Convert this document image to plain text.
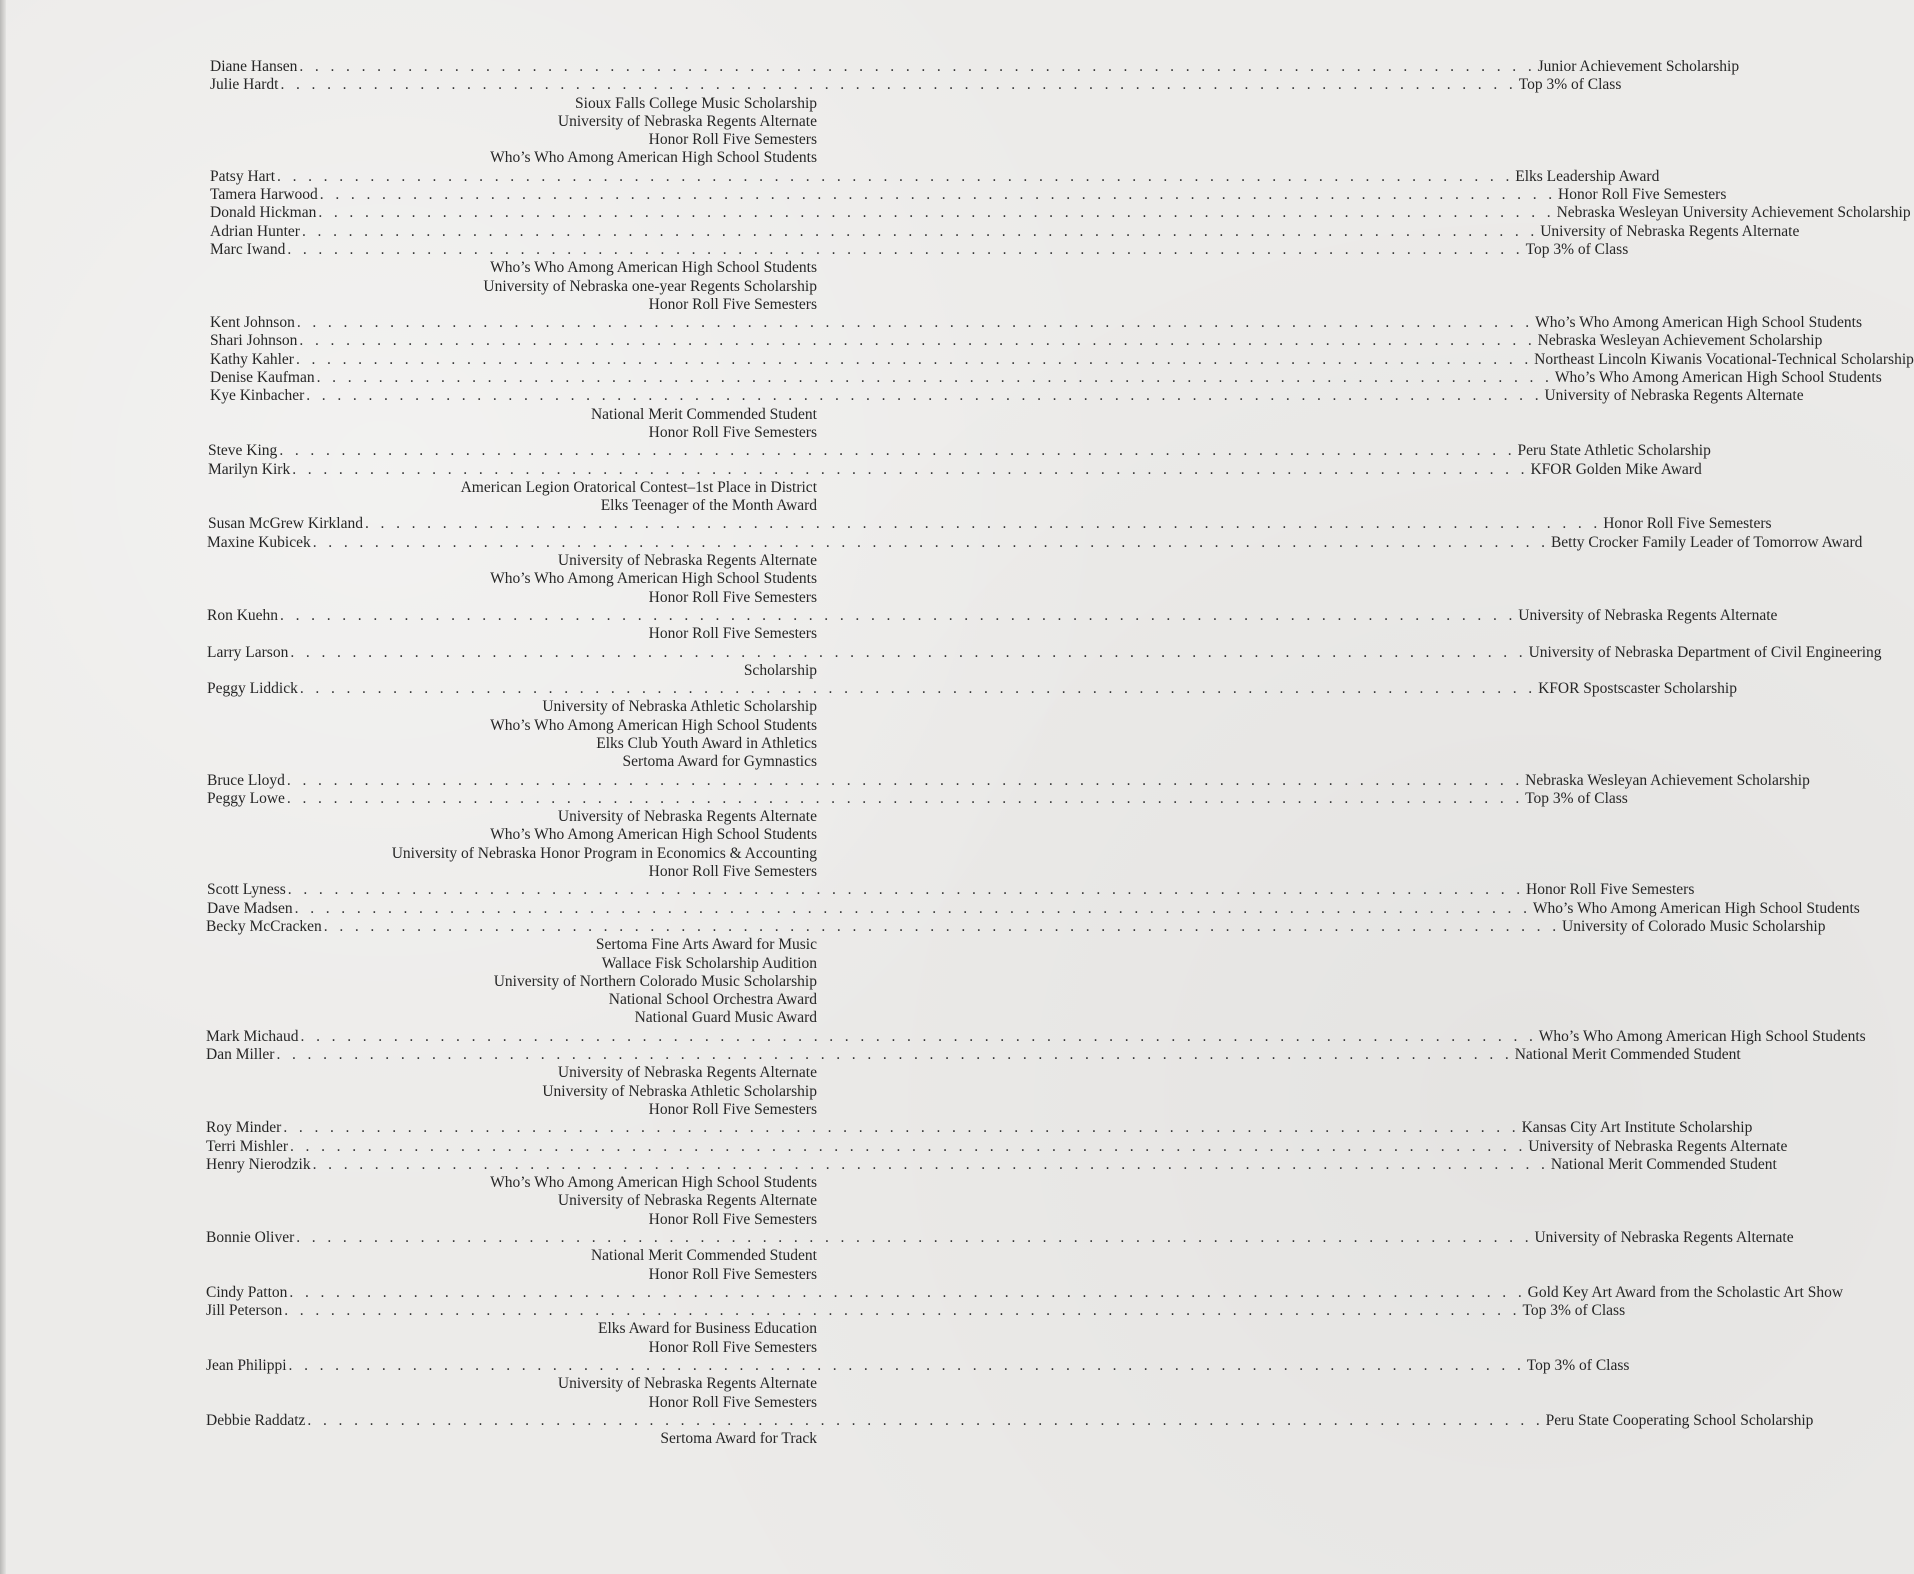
Diane Hansen . . . . . . . . . . . . . . . . . . . . . . . . . . . . . . . . . . . . . . . . . . . . . . . . . . . . . . . . . . . . . . . . . . . . . . . . . . . . . . . . Junior Achievement Scholarship
Julie Hardt . . . . . . . . . . . . . . . . . . . . . . . . . . . . . . . . . . . . . . . . . . . . . . . . . . . . . . . . . . . . . . . . . . . . . . . . . . . . . . . . Top 3% of Class
Sioux Falls College Music Scholarship
University of Nebraska Regents Alternate
Honor Roll Five Semesters
Who’s Who Among American High School Students
Patsy Hart . . . . . . . . . . . . . . . . . . . . . . . . . . . . . . . . . . . . . . . . . . . . . . . . . . . . . . . . . . . . . . . . . . . . . . . . . . . . . . . . Elks Leadership Award
Tamera Harwood . . . . . . . . . . . . . . . . . . . . . . . . . . . . . . . . . . . . . . . . . . . . . . . . . . . . . . . . . . . . . . . . . . . . . . . . . . . . . . . . Honor Roll Five Semesters
Donald Hickman . . . . . . . . . . . . . . . . . . . . . . . . . . . . . . . . . . . . . . . . . . . . . . . . . . . . . . . . . . . . . . . . . . . . . . . . . . . . . . . . Nebraska Wesleyan University Achievement Scholarship
Adrian Hunter . . . . . . . . . . . . . . . . . . . . . . . . . . . . . . . . . . . . . . . . . . . . . . . . . . . . . . . . . . . . . . . . . . . . . . . . . . . . . . . . University of Nebraska Regents Alternate
Marc Iwand . . . . . . . . . . . . . . . . . . . . . . . . . . . . . . . . . . . . . . . . . . . . . . . . . . . . . . . . . . . . . . . . . . . . . . . . . . . . . . . . Top 3% of Class
Who’s Who Among American High School Students
University of Nebraska one-year Regents Scholarship
Honor Roll Five Semesters
Kent Johnson . . . . . . . . . . . . . . . . . . . . . . . . . . . . . . . . . . . . . . . . . . . . . . . . . . . . . . . . . . . . . . . . . . . . . . . . . . . . . . . . Who’s Who Among American High School Students
Shari Johnson . . . . . . . . . . . . . . . . . . . . . . . . . . . . . . . . . . . . . . . . . . . . . . . . . . . . . . . . . . . . . . . . . . . . . . . . . . . . . . . . Nebraska Wesleyan Achievement Scholarship
Kathy Kahler . . . . . . . . . . . . . . . . . . . . . . . . . . . . . . . . . . . . . . . . . . . . . . . . . . . . . . . . . . . . . . . . . . . . . . . . . . . . . . . . Northeast Lincoln Kiwanis Vocational-Technical Scholarship
Denise Kaufman . . . . . . . . . . . . . . . . . . . . . . . . . . . . . . . . . . . . . . . . . . . . . . . . . . . . . . . . . . . . . . . . . . . . . . . . . . . . . . . . Who’s Who Among American High School Students
Kye Kinbacher . . . . . . . . . . . . . . . . . . . . . . . . . . . . . . . . . . . . . . . . . . . . . . . . . . . . . . . . . . . . . . . . . . . . . . . . . . . . . . . . University of Nebraska Regents Alternate
National Merit Commended Student
Honor Roll Five Semesters
Steve King . . . . . . . . . . . . . . . . . . . . . . . . . . . . . . . . . . . . . . . . . . . . . . . . . . . . . . . . . . . . . . . . . . . . . . . . . . . . . . . . Peru State Athletic Scholarship
Marilyn Kirk . . . . . . . . . . . . . . . . . . . . . . . . . . . . . . . . . . . . . . . . . . . . . . . . . . . . . . . . . . . . . . . . . . . . . . . . . . . . . . . . KFOR Golden Mike Award
American Legion Oratorical Contest–1st Place in District
Elks Teenager of the Month Award
Susan McGrew Kirkland . . . . . . . . . . . . . . . . . . . . . . . . . . . . . . . . . . . . . . . . . . . . . . . . . . . . . . . . . . . . . . . . . . . . . . . . . . . . . . . . Honor Roll Five Semesters
Maxine Kubicek . . . . . . . . . . . . . . . . . . . . . . . . . . . . . . . . . . . . . . . . . . . . . . . . . . . . . . . . . . . . . . . . . . . . . . . . . . . . . . . . Betty Crocker Family Leader of Tomorrow Award
University of Nebraska Regents Alternate
Who’s Who Among American High School Students
Honor Roll Five Semesters
Ron Kuehn . . . . . . . . . . . . . . . . . . . . . . . . . . . . . . . . . . . . . . . . . . . . . . . . . . . . . . . . . . . . . . . . . . . . . . . . . . . . . . . . University of Nebraska Regents Alternate
Honor Roll Five Semesters
Larry Larson . . . . . . . . . . . . . . . . . . . . . . . . . . . . . . . . . . . . . . . . . . . . . . . . . . . . . . . . . . . . . . . . . . . . . . . . . . . . . . . . University of Nebraska Department of Civil Engineering
Scholarship
Peggy Liddick . . . . . . . . . . . . . . . . . . . . . . . . . . . . . . . . . . . . . . . . . . . . . . . . . . . . . . . . . . . . . . . . . . . . . . . . . . . . . . . . KFOR Spostscaster Scholarship
University of Nebraska Athletic Scholarship
Who’s Who Among American High School Students
Elks Club Youth Award in Athletics
Sertoma Award for Gymnastics
Bruce Lloyd . . . . . . . . . . . . . . . . . . . . . . . . . . . . . . . . . . . . . . . . . . . . . . . . . . . . . . . . . . . . . . . . . . . . . . . . . . . . . . . . Nebraska Wesleyan Achievement Scholarship
Peggy Lowe . . . . . . . . . . . . . . . . . . . . . . . . . . . . . . . . . . . . . . . . . . . . . . . . . . . . . . . . . . . . . . . . . . . . . . . . . . . . . . . . Top 3% of Class
University of Nebraska Regents Alternate
Who’s Who Among American High School Students
University of Nebraska Honor Program in Economics & Accounting
Honor Roll Five Semesters
Scott Lyness . . . . . . . . . . . . . . . . . . . . . . . . . . . . . . . . . . . . . . . . . . . . . . . . . . . . . . . . . . . . . . . . . . . . . . . . . . . . . . . . Honor Roll Five Semesters
Dave Madsen . . . . . . . . . . . . . . . . . . . . . . . . . . . . . . . . . . . . . . . . . . . . . . . . . . . . . . . . . . . . . . . . . . . . . . . . . . . . . . . . Who’s Who Among American High School Students
Becky McCracken . . . . . . . . . . . . . . . . . . . . . . . . . . . . . . . . . . . . . . . . . . . . . . . . . . . . . . . . . . . . . . . . . . . . . . . . . . . . . . . . University of Colorado Music Scholarship
Sertoma Fine Arts Award for Music
Wallace Fisk Scholarship Audition
University of Northern Colorado Music Scholarship
National School Orchestra Award
National Guard Music Award
Mark Michaud . . . . . . . . . . . . . . . . . . . . . . . . . . . . . . . . . . . . . . . . . . . . . . . . . . . . . . . . . . . . . . . . . . . . . . . . . . . . . . . . Who’s Who Among American High School Students
Dan Miller . . . . . . . . . . . . . . . . . . . . . . . . . . . . . . . . . . . . . . . . . . . . . . . . . . . . . . . . . . . . . . . . . . . . . . . . . . . . . . . . National Merit Commended Student
University of Nebraska Regents Alternate
University of Nebraska Athletic Scholarship
Honor Roll Five Semesters
Roy Minder . . . . . . . . . . . . . . . . . . . . . . . . . . . . . . . . . . . . . . . . . . . . . . . . . . . . . . . . . . . . . . . . . . . . . . . . . . . . . . . . Kansas City Art Institute Scholarship
Terri Mishler . . . . . . . . . . . . . . . . . . . . . . . . . . . . . . . . . . . . . . . . . . . . . . . . . . . . . . . . . . . . . . . . . . . . . . . . . . . . . . . . University of Nebraska Regents Alternate
Henry Nierodzik . . . . . . . . . . . . . . . . . . . . . . . . . . . . . . . . . . . . . . . . . . . . . . . . . . . . . . . . . . . . . . . . . . . . . . . . . . . . . . . . National Merit Commended Student
Who’s Who Among American High School Students
University of Nebraska Regents Alternate
Honor Roll Five Semesters
Bonnie Oliver . . . . . . . . . . . . . . . . . . . . . . . . . . . . . . . . . . . . . . . . . . . . . . . . . . . . . . . . . . . . . . . . . . . . . . . . . . . . . . . . University of Nebraska Regents Alternate
National Merit Commended Student
Honor Roll Five Semesters
Cindy Patton . . . . . . . . . . . . . . . . . . . . . . . . . . . . . . . . . . . . . . . . . . . . . . . . . . . . . . . . . . . . . . . . . . . . . . . . . . . . . . . . Gold Key Art Award from the Scholastic Art Show
Jill Peterson . . . . . . . . . . . . . . . . . . . . . . . . . . . . . . . . . . . . . . . . . . . . . . . . . . . . . . . . . . . . . . . . . . . . . . . . . . . . . . . . Top 3% of Class
Elks Award for Business Education
Honor Roll Five Semesters
Jean Philippi . . . . . . . . . . . . . . . . . . . . . . . . . . . . . . . . . . . . . . . . . . . . . . . . . . . . . . . . . . . . . . . . . . . . . . . . . . . . . . . . Top 3% of Class
University of Nebraska Regents Alternate
Honor Roll Five Semesters
Debbie Raddatz . . . . . . . . . . . . . . . . . . . . . . . . . . . . . . . . . . . . . . . . . . . . . . . . . . . . . . . . . . . . . . . . . . . . . . . . . . . . . . . . Peru State Cooperating School Scholarship
Sertoma Award for Track
